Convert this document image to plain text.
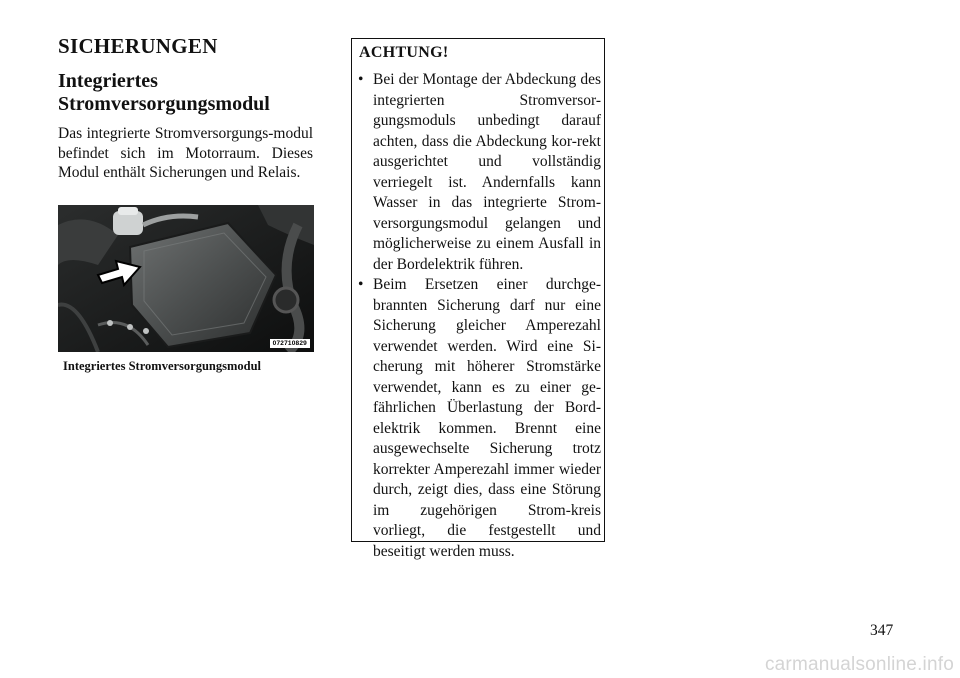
SICHERUNGEN
Integriertes Stromversorgungsmodul

Das integrierte Stromversorgungs-modul befindet sich im Motorraum. Dieses Modul enthält Sicherungen und Relais.

072710829

Integriertes Stromversorgungsmodul

ACHTUNG!
• Bei der Montage der Abdeckung des integrierten Stromversor-gungsmoduls unbedingt darauf achten, dass die Abdeckung kor-rekt ausgerichtet und vollständig verriegelt ist. Andernfalls kann Wasser in das integrierte Strom-versorgungsmodul gelangen und möglicherweise zu einem Ausfall in der Bordelektrik führen.
• Beim Ersetzen einer durchge-brannten Sicherung darf nur eine Sicherung gleicher Amperezahl verwendet werden. Wird eine Si-cherung mit höherer Stromstärke verwendet, kann es zu einer ge-fährlichen Überlastung der Bord-elektrik kommen. Brennt eine ausgewechselte Sicherung trotz korrekter Amperezahl immer wieder durch, zeigt dies, dass eine Störung im zugehörigen Strom-kreis vorliegt, die festgestellt und beseitigt werden muss.

347

carmanualsonline.info
